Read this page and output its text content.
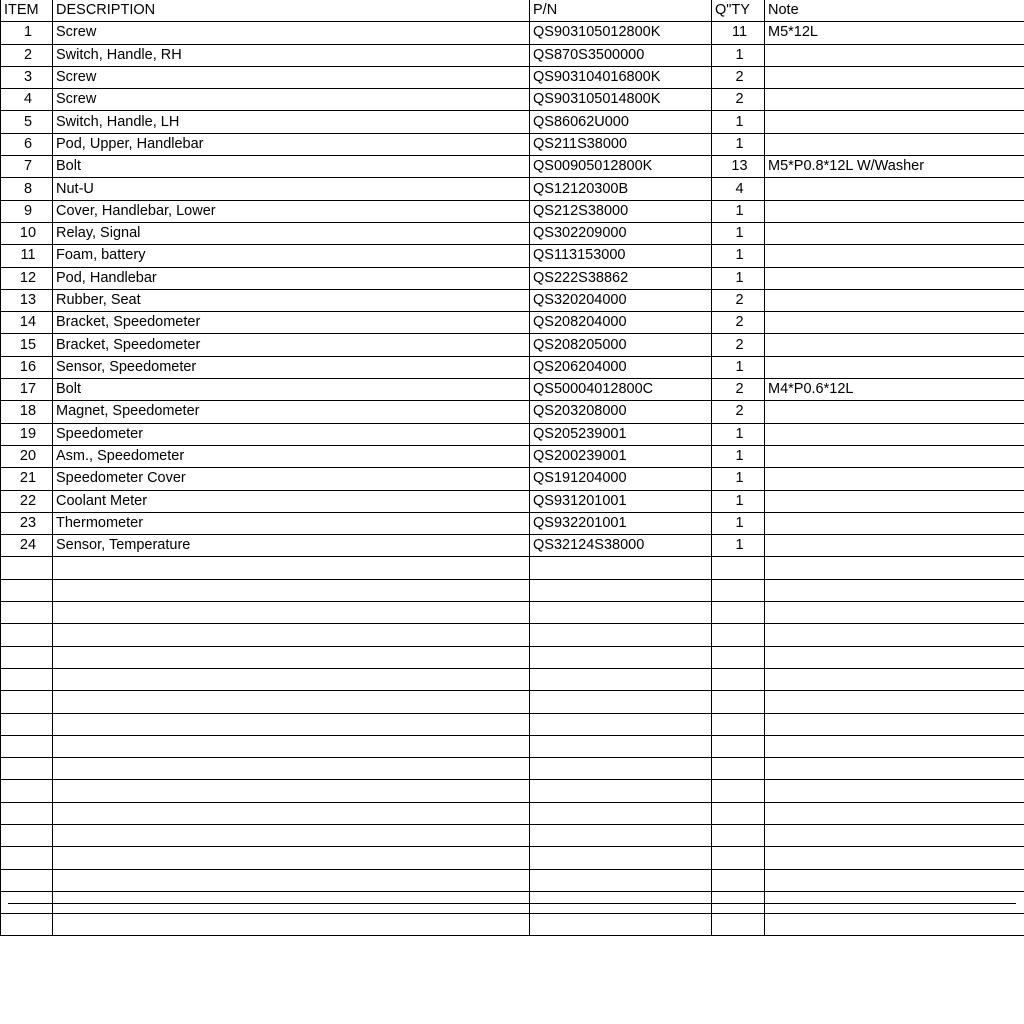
ITEM	DESCRIPTION	P/N	Q"TY	Note
1	Screw	QS903105012800K	11	M5*12L
2	Switch, Handle, RH	QS870S3500000	1	
3	Screw	QS903104016800K	2	
4	Screw	QS903105014800K	2	
5	Switch, Handle, LH	QS86062U000	1	
6	Pod, Upper, Handlebar	QS211S38000	1	
7	Bolt	QS00905012800K	13	M5*P0.8*12L W/Washer
8	Nut-U	QS12120300B	4	
9	Cover, Handlebar, Lower	QS212S38000	1	
10	Relay, Signal	QS302209000	1	
11	Foam, battery	QS113153000	1	
12	Pod, Handlebar	QS222S38862	1	
13	Rubber, Seat	QS320204000	2	
14	Bracket, Speedometer	QS208204000	2	
15	Bracket, Speedometer	QS208205000	2	
16	Sensor, Speedometer	QS206204000	1	
17	Bolt	QS50004012800C	2	M4*P0.6*12L
18	Magnet, Speedometer	QS203208000	2	
19	Speedometer	QS205239001	1	
20	Asm., Speedometer	QS200239001	1	
21	Speedometer Cover	QS191204000	1	
22	Coolant Meter	QS931201001	1	
23	Thermometer	QS932201001	1	
24	Sensor, Temperature	QS32124S38000	1	
